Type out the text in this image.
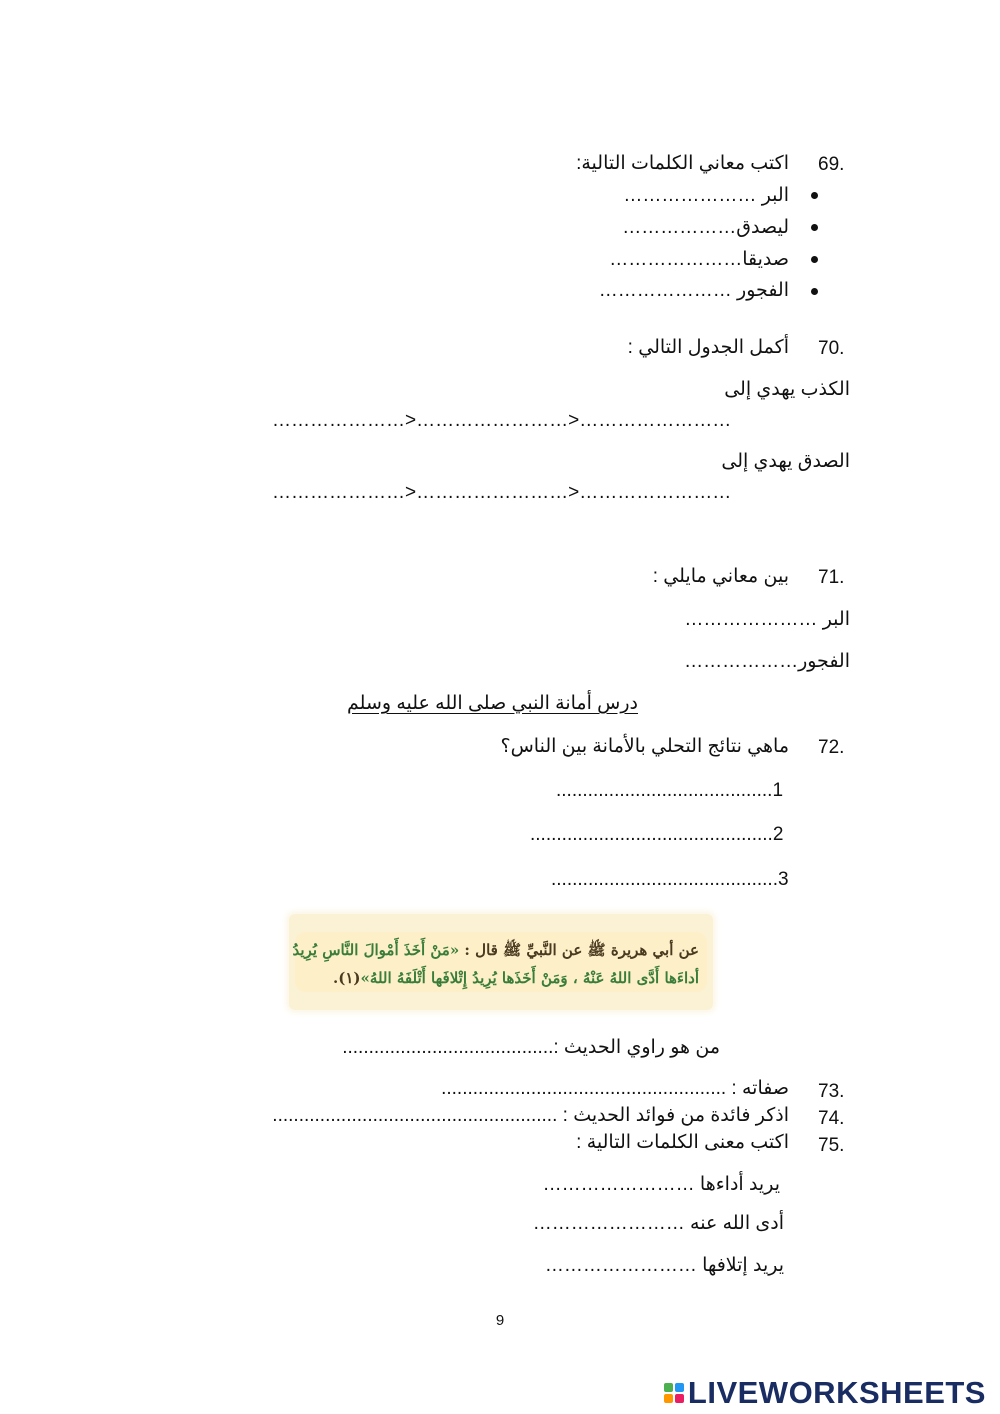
69.
اكتب معاني الكلمات التالية:
البر …………………
ليصدق………………
صديقا…………………
الفجور …………………
70.
أكمل الجدول التالي :
الكذب يهدي إلى
…………………>……………………>……………………
الصدق يهدي إلى
…………………>……………………>……………………
71.
بين معاني مايلي :
البر …………………
الفجور………………
درس أمانة النبي صلى الله عليه وسلم
72.
ماهي نتائج التحلي بالأمانة بين الناس؟
1.........................................
2..............................................
3...........................................
عن أبي هريرة ﷺ عن النَّبيِّ ﷺ قال : «مَنْ أَخَذَ أَمْوالَ النَّاسِ يُرِيدُ
أداءَها أَدَّى اللهُ عَنْهُ ، وَمَنْ أَخَذَها يُرِيدُ إِتْلافَها أَتْلَفَهُ اللهُ»(١).
من هو راوي الحديث :........................................
73.
صفاته : ......................................................
74.
اذكر فائدة من فوائد الحديث : ......................................................
75.
اكتب معنى الكلمات التالية :
يريد أداءها ……………………
أدى الله عنه ……………………
يريد إتلافها ……………………
9
LIVEWORKSHEETS
